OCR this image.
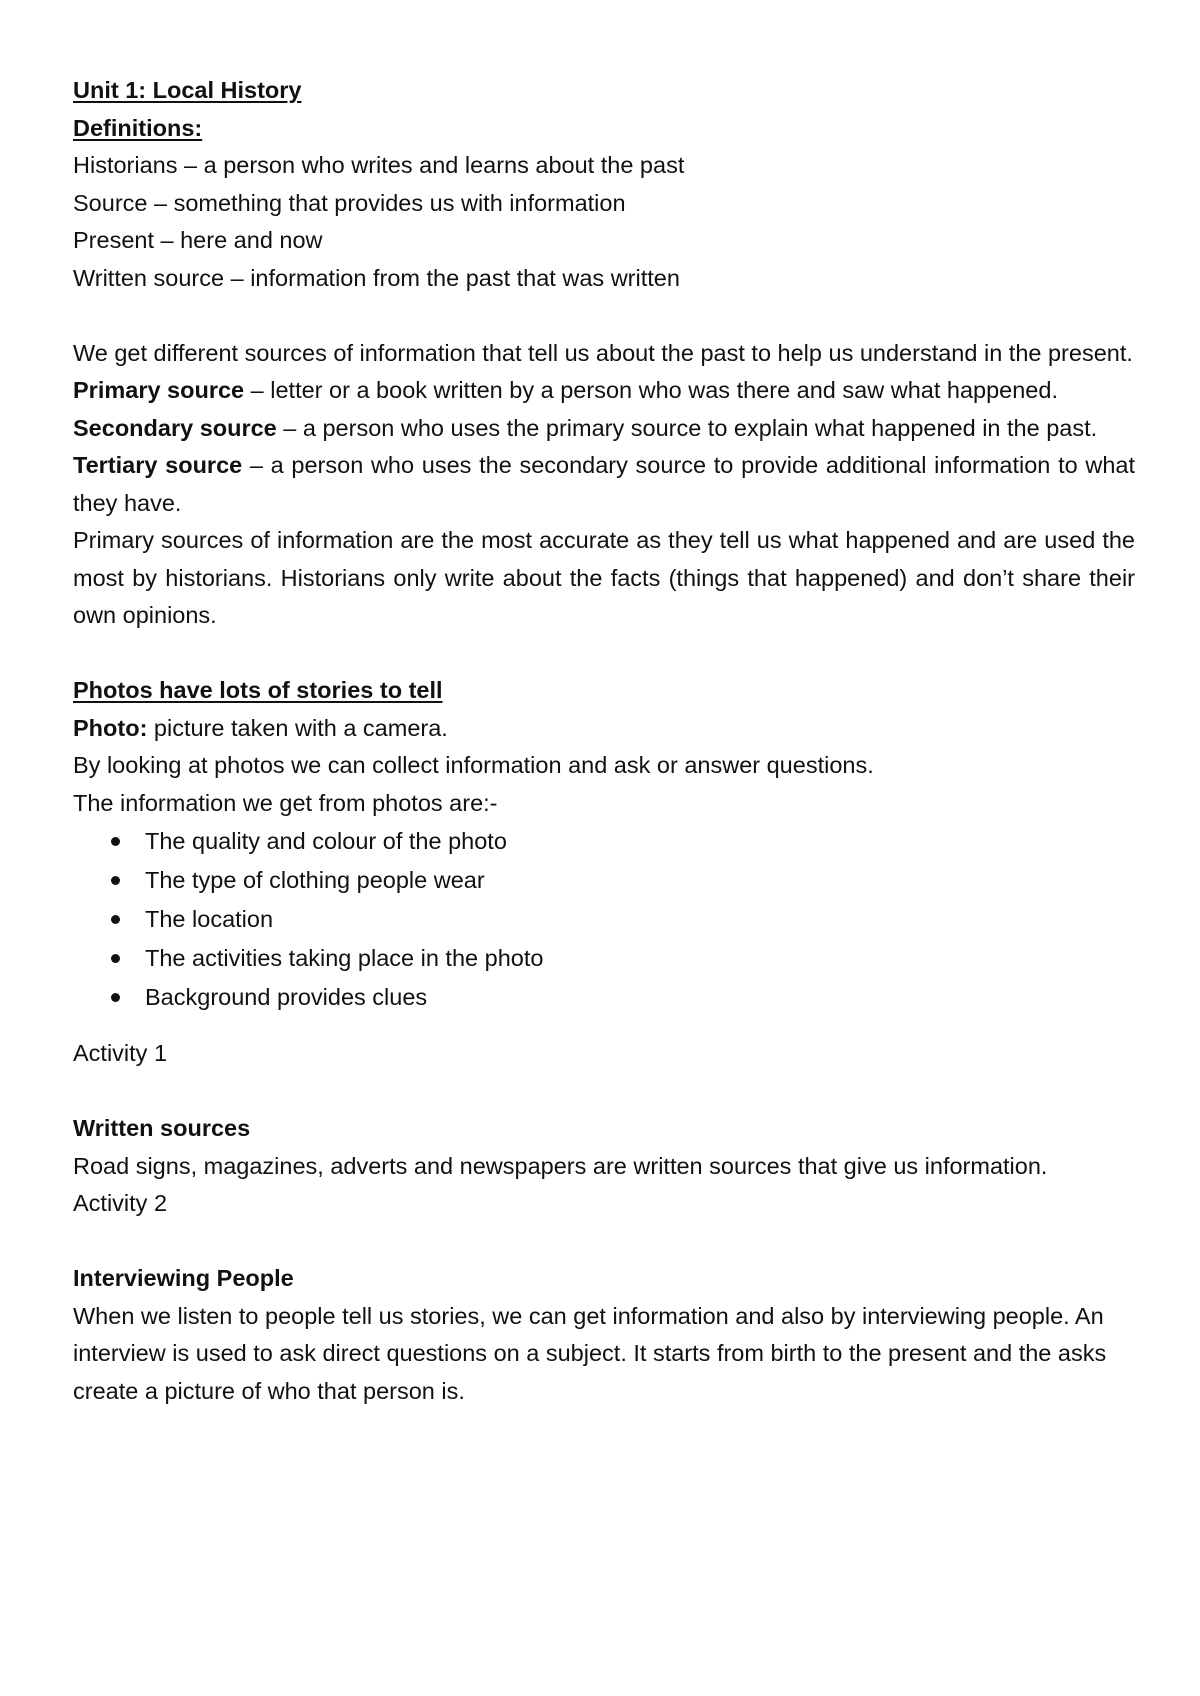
Unit 1: Local History

Definitions:

Historians – a person who writes and learns about the past

Source – something that provides us with information

Present – here and now

Written source – information from the past that was written

We get different sources of information that tell us about the past to help us understand in the present.

Primary source – letter or a book written by a person who was there and saw what happened.

Secondary source – a person who uses the primary source to explain what happened in the past.

Tertiary source – a person who uses the secondary source to provide additional information to what they have.

Primary sources of information are the most accurate as they tell us what happened and are used the most by historians. Historians only write about the facts (things that happened) and don’t share their own opinions.

Photos have lots of stories to tell

Photo: picture taken with a camera.

By looking at photos we can collect information and ask or answer questions.

The information we get from photos are:-

The quality and colour of the photo
The type of clothing people wear
The location
The activities taking place in the photo
Background provides clues

Activity 1

Written sources

Road signs, magazines, adverts and newspapers are written sources that give us information.

Activity 2

Interviewing People

When we listen to people tell us stories, we can get information and also by interviewing people. An interview is used to ask direct questions on a subject. It starts from birth to the present and the asks create a picture of who that person is.
